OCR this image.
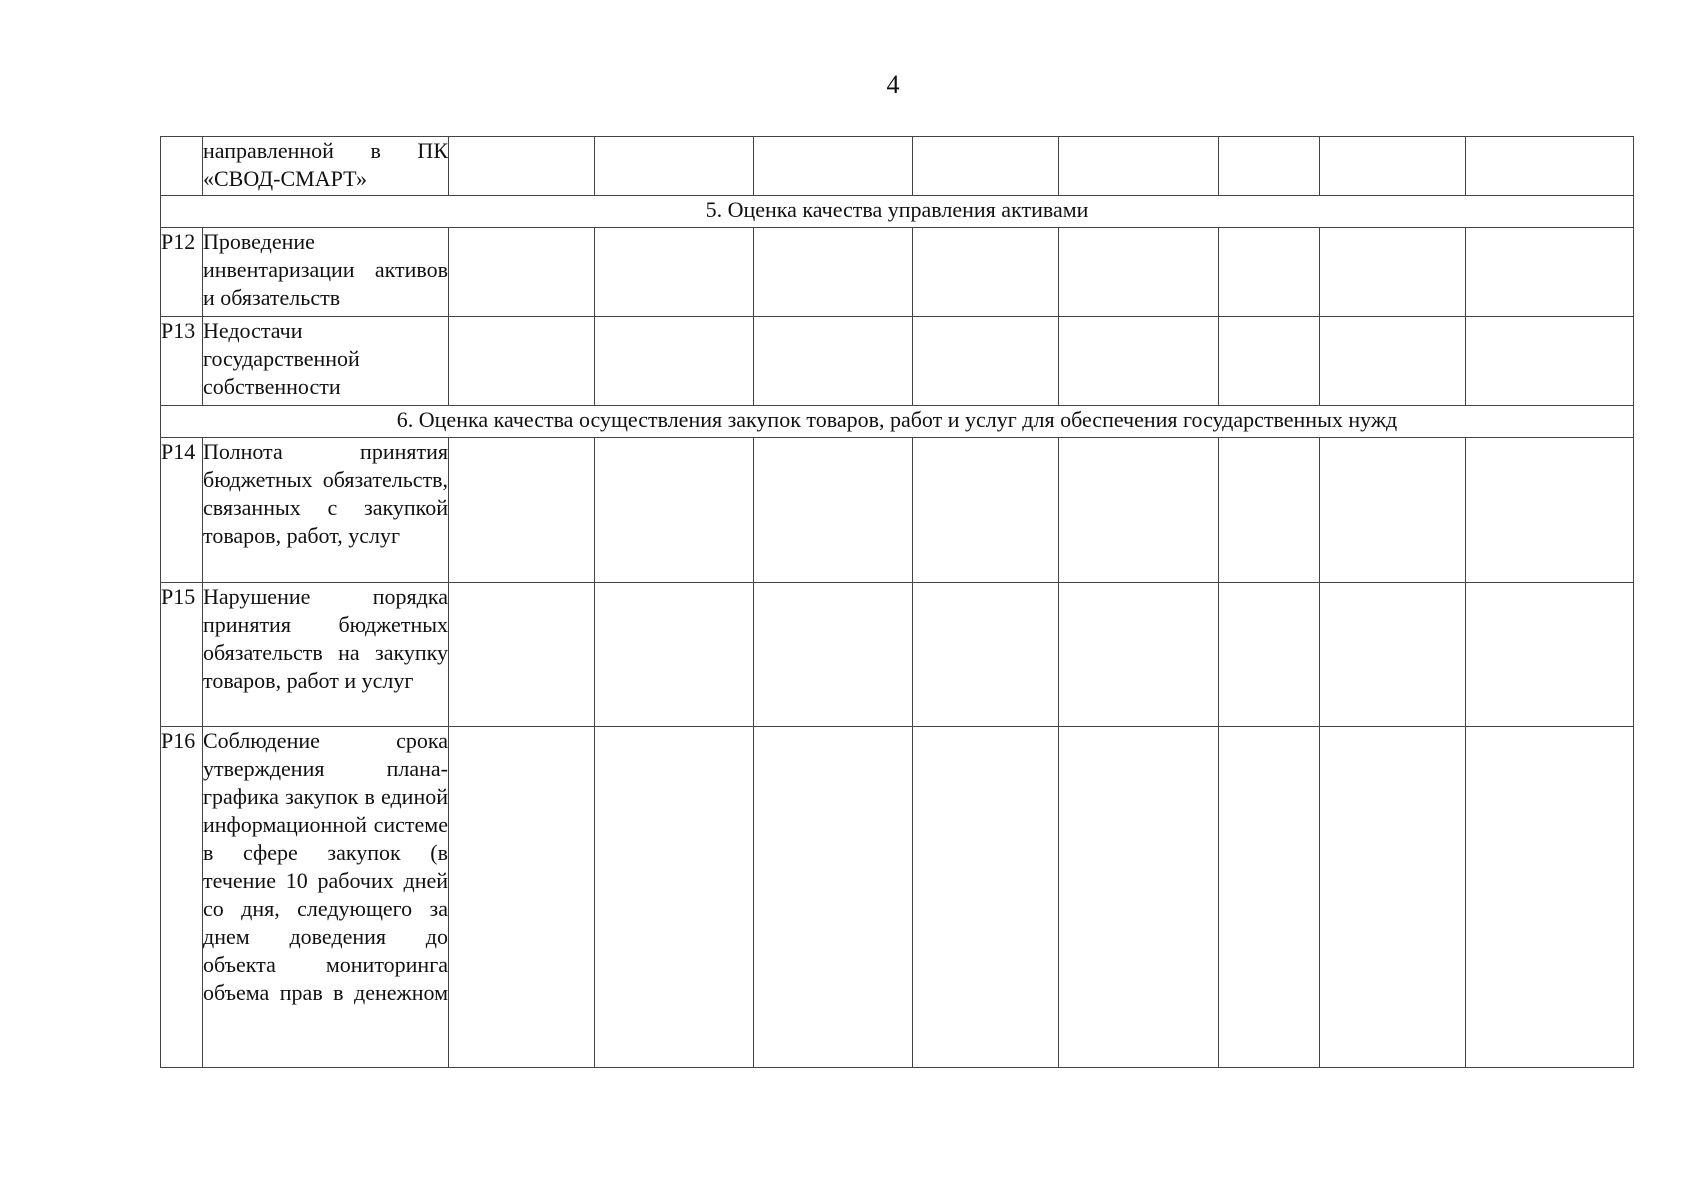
4
	направленной в ПК «СВОД-СМАРТ»								
5. Оценка качества управления активами									
P12	Проведение инвентаризации активов и обязательств								
P13	Недостачи государственной собственности								
6. Оценка качества осуществления закупок товаров, работ и услуг для обеспечения государственных нужд									
P14	Полнота принятия бюджетных обязательств, связанных с закупкой товаров, работ, услуг								
P15	Нарушение порядка принятия бюджетных обязательств на закупку товаров, работ и услуг								
P16	Соблюдение срока утверждения плана-графика закупок в единой информационной системе в сфере закупок (в течение 10 рабочих дней со дня, следующего за днем доведения до объекта мониторинга объема прав в денежном								
